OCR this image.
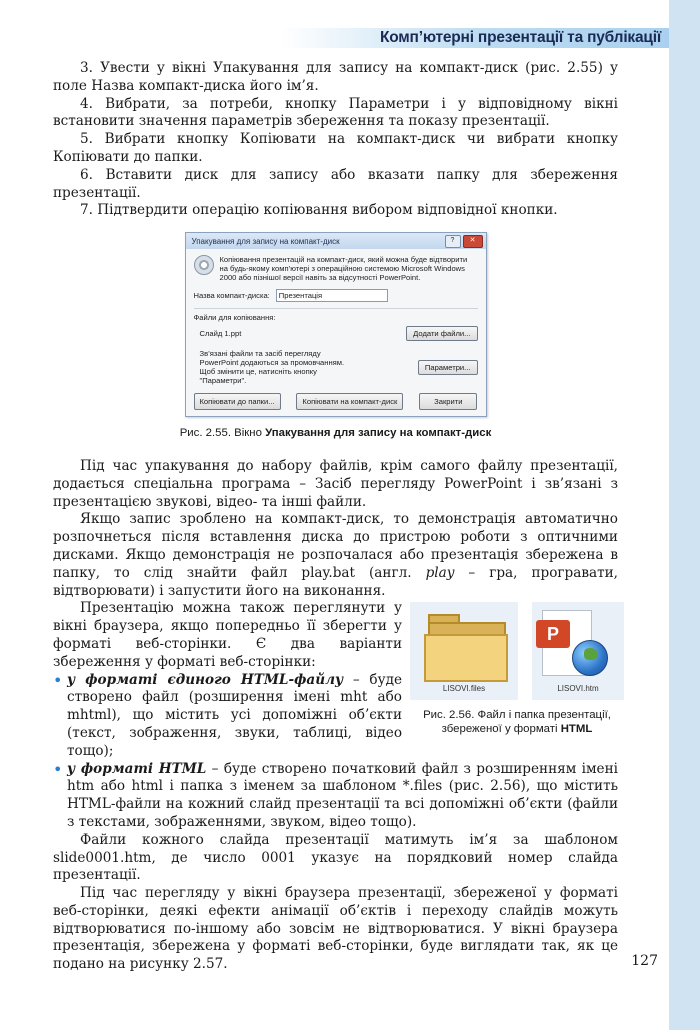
Комп’ютерні презентації та публікації
3. Увести у вікні Упакування для запису на компакт-диск (рис. 2.55) у поле Назва компакт-диска його ім’я.
4. Вибрати, за потреби, кнопку Параметри і у відповідному вікні встановити значення параметрів збереження та показу презентації.
5. Вибрати кнопку Копіювати на компакт-диск чи вибрати кнопку Копіювати до папки.
6. Вставити диск для запису або вказати папку для збереження презентації.
7. Підтвердити операцію копіювання вибором відповідної кнопки.
Упакування для запису на компакт-диск	?	✕
Копіювання презентацій на компакт-диск, який можна буде відтворити на будь-якому комп’ютері з операційною системою Microsoft Windows 2000 або пізнішої версії навіть за відсутності PowerPoint.
Назва компакт-диска:	Презентація
Файли для копіювання:
Слайд 1.ppt	Додати файли...
Зв’язані файли та засіб перегляду PowerPoint додаються за промовчанням. Щоб змінити це, натисніть кнопку "Параметри".
Параметри...
Копіювати до папки...	Копіювати на компакт-диск	Закрити
Рис. 2.55. Вікно Упакування для запису на компакт-диск

Під час упакування до набору файлів, крім самого файлу презентації, додається спеціальна програма – Засіб перегляду PowerPoint і зв’язані з презентацією звукові, відео- та інші файли.

Якщо запис зроблено на компакт-диск, то демонстрація автоматично розпочнеться після вставлення диска до пристрою роботи з оптичними дисками. Якщо демонстрація не розпочалася або презентація збережена в папку, то слід знайти файл play.bat (англ. play – гра, програвати, відтворювати) і запустити його на виконання.

LISOVI.files
P
LISOVI.htm
Рис. 2.56. Файл і папка презентації, збереженої у форматі HTML

Презентацію можна також переглянути у вікні браузера, якщо попередньо її зберегти у форматі веб-сторінки. Є два варіанти збереження у форматі веб-сторінки:

• у форматі єдиного HTML-файлу – буде створено файл (розширення імені mht або mhtml), що містить усі допоміжні об’єкти (текст, зображення, звуки, таблиці, відео тощо);
• у форматі HTML – буде створено початковий файл з розширенням імені htm або html і папка з іменем за шаблоном *.files (рис. 2.56), що містить HTML-файли на кожний слайд презентації та всі допоміжні об’єкти (файли з текстами, зображеннями, звуком, відео тощо).

Файли кожного слайда презентації матимуть ім’я за шаблоном slide0001.htm, де число 0001 указує на порядковий номер слайда презентації.

Під час перегляду у вікні браузера презентації, збереженої у форматі веб-сторінки, деякі ефекти анімації об’єктів і переходу слайдів можуть відтворюватися по-іншому або зовсім не відтворюватися. У вікні браузера презентація, збережена у форматі веб-сторінки, буде виглядати так, як це подано на рисунку 2.57.	127
